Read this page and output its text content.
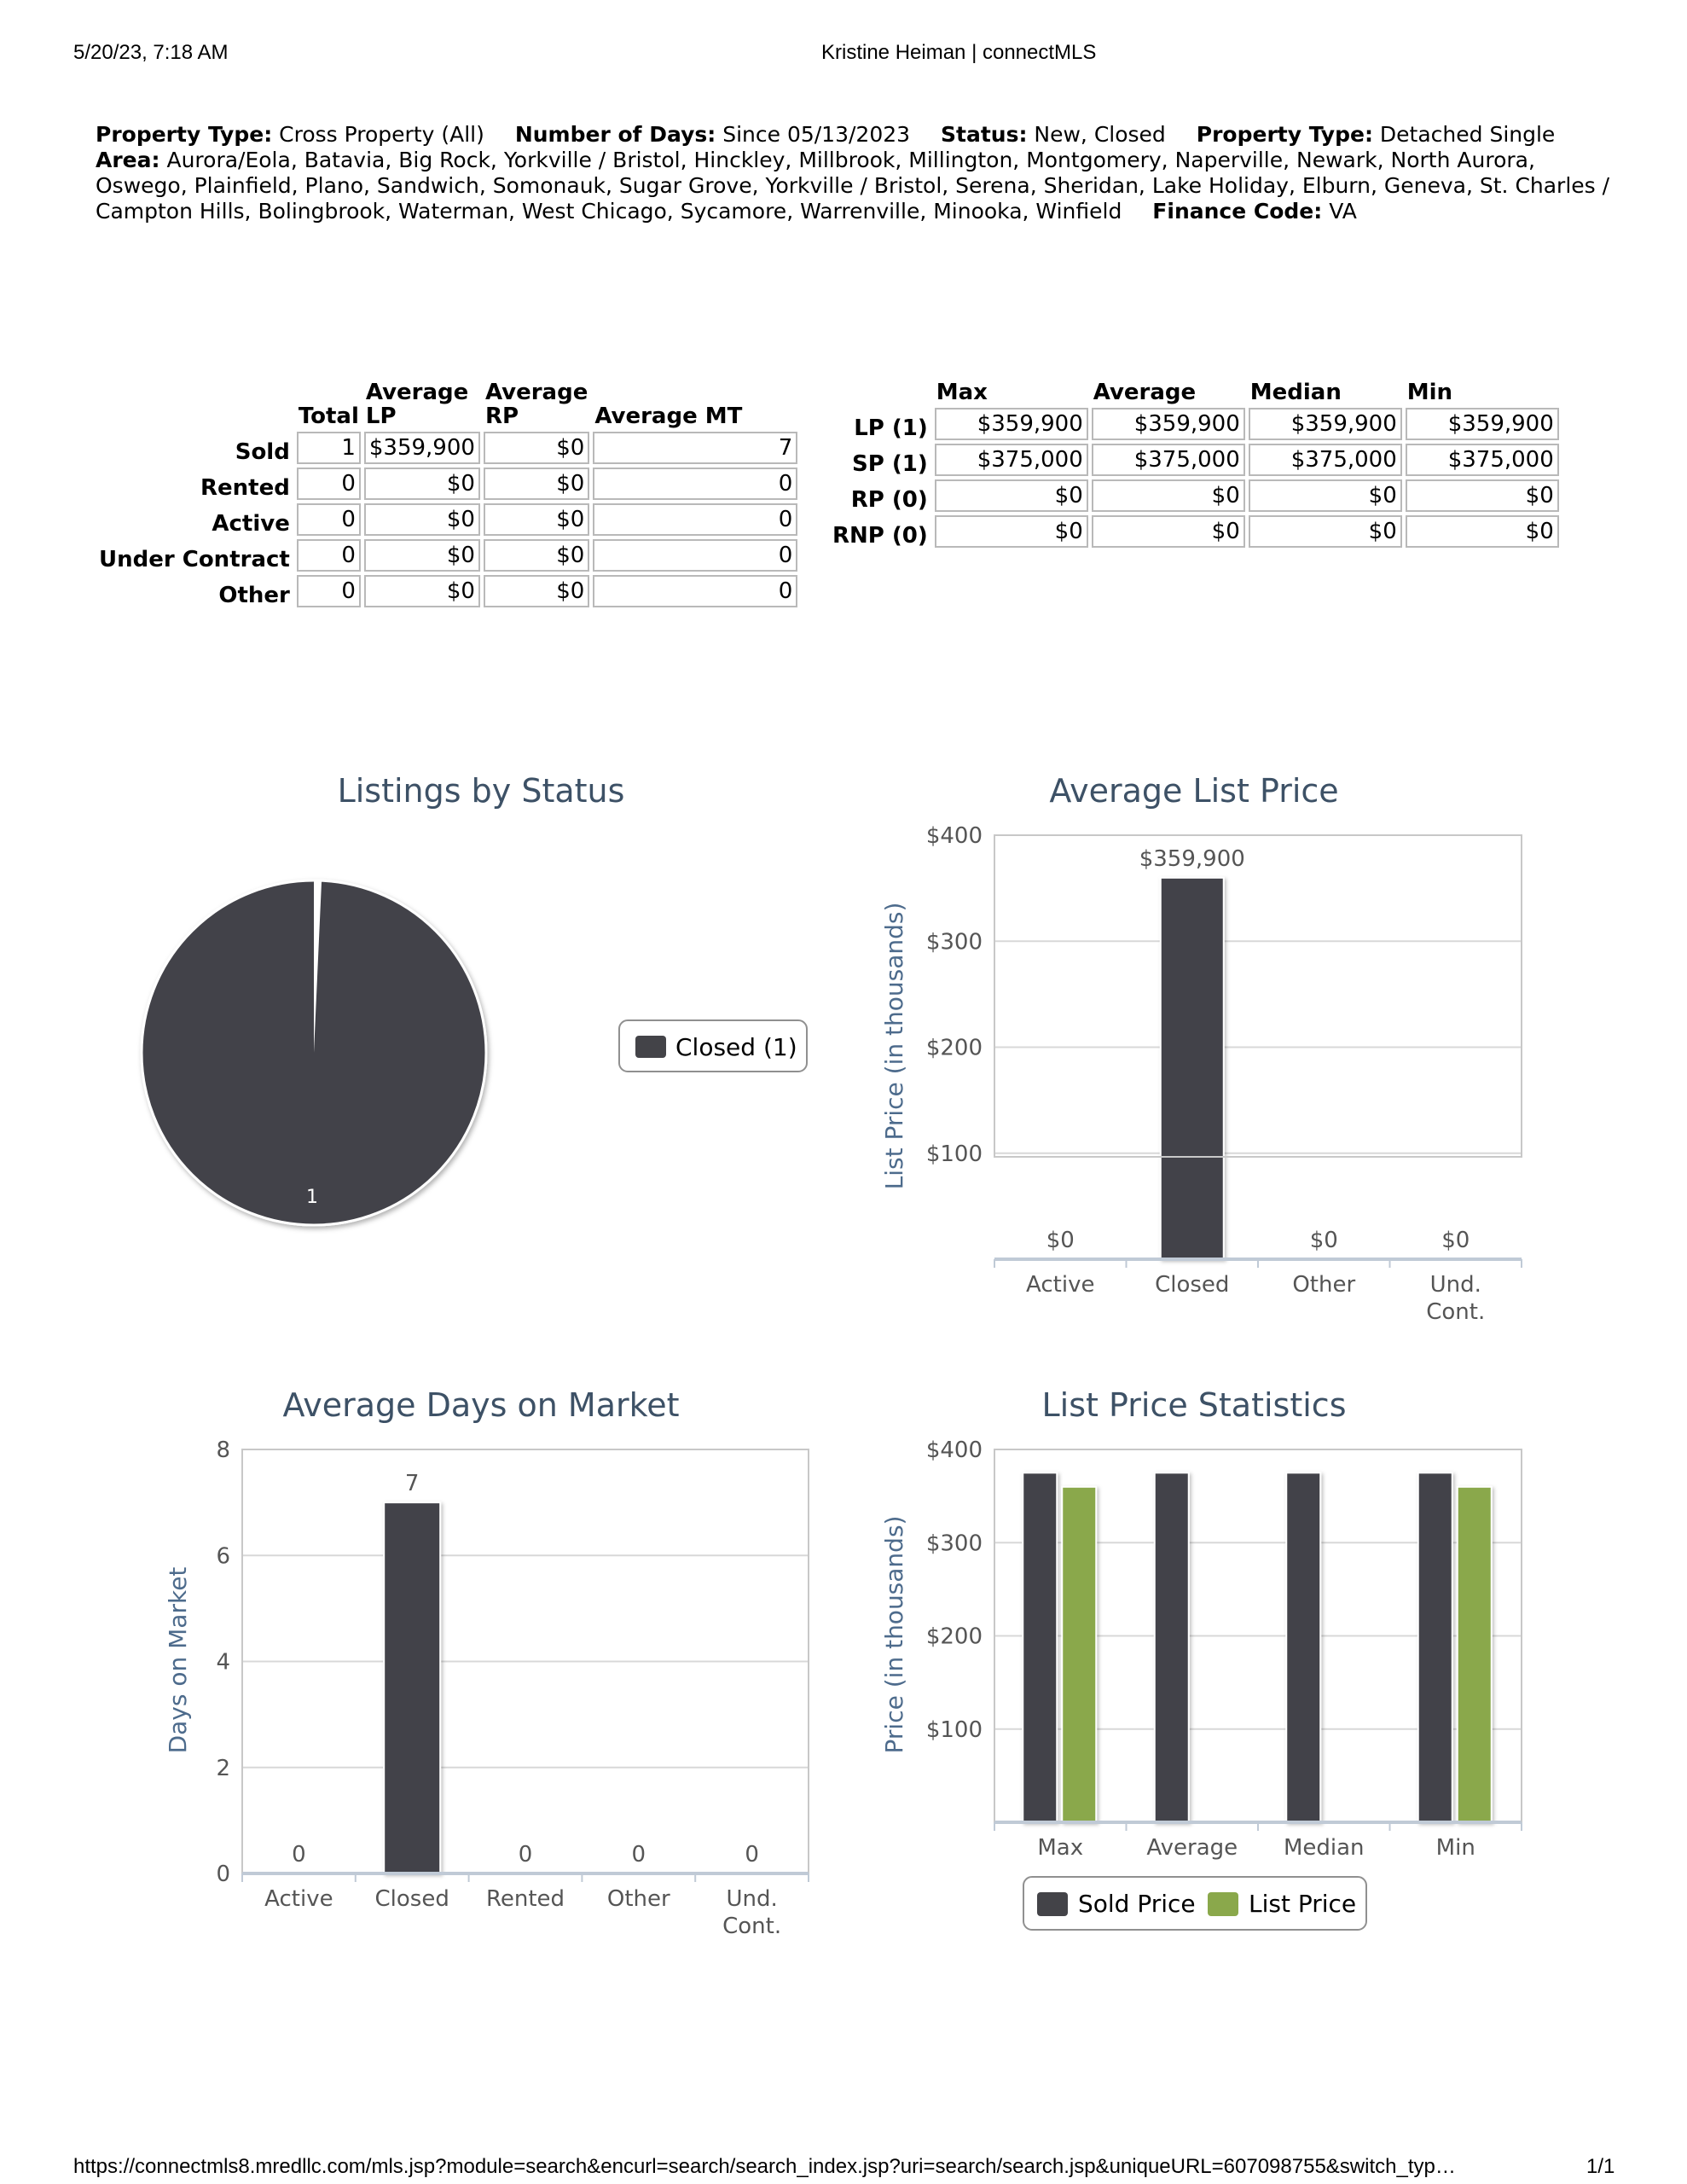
5/20/23, 7:18 AM	Kristine Heiman | connectMLS
Property Type: Cross Property (All) Number of Days: Since 05/13/2023 Status: New, Closed Property Type: Detached Single Area: Aurora/Eola, Batavia, Big Rock, Yorkville / Bristol, Hinckley, Millbrook, Millington, Montgomery, Naperville, Newark, North Aurora, Oswego, Plainfield, Plano, Sandwich, Somonauk, Sugar Grove, Yorkville / Bristol, Serena, Sheridan, Lake Holiday, Elburn, Geneva, St. Charles / Campton Hills, Bolingbrook, Waterman, West Chicago, Sycamore, Warrenville, Minooka, Winfield Finance Code: VA
	Total	Average LP	Average RP	Average MT
Sold	1	$359,900	$0	7
Rented	0	$0	$0	0
Active	0	$0	$0	0
Under Contract	0	$0	$0	0
Other	0	$0	$0	0
	Max	Average	Median	Min
LP (1)	$359,900	$359,900	$359,900	$359,900
SP (1)	$375,000	$375,000	$375,000	$375,000
RP (0)	$0	$0	$0	$0
RNP (0)	$0	$0	$0	$0
Listings by Status
1
Closed (1)
Average List Price
$100
$200
$300
$400
$0
$359,900
$0	$0
Active	Closed	Other	Und.
Cont.
List Price (in thousands)
Average Days on Market
0
2
4
6
8
0
7
0	0	0
Active Closed Rented Other	Und.
Cont.
Days on Market
List Price Statistics
$100
$200
$300
$400
Max	Average Median	Min
Price (in thousands)
Sold Price List Price
https://connectmls8.mredllc.com/mls.jsp?module=search&encurl=search/search_index.jsp?uri=search/search.jsp&uniqueURL=607098755&switch_typ…	1/1
